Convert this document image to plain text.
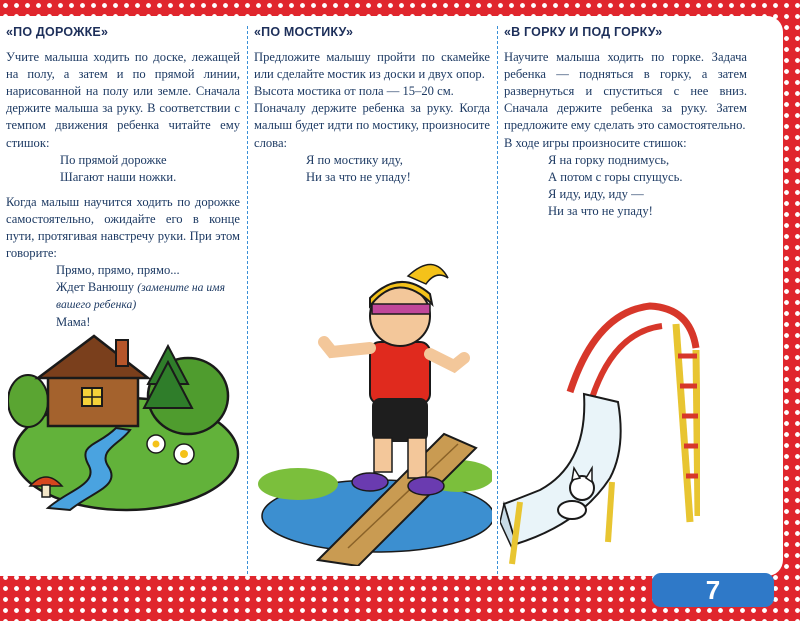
«ПО ДОРОЖКЕ»

Учите малыша ходить по доске, лежащей на полу, а затем и по прямой линии, нарисованной на полу или земле. Сначала держите малыша за руку. В соответствии с темпом движения ребенка читайте ему стишок:

По прямой дорожке
Шагают наши ножки.

Когда малыш научится ходить по дорожке самостоятельно, ожидайте его в конце пути, протягивая навстречу руки. При этом говорите:

Прямо, прямо, прямо...
Ждет Ванюшу (замените на имя вашего ребенка)
Мама!
«ПО МОСТИКУ»

Предложите малышу пройти по скамейке или сделайте мостик из доски и двух опор.

Высота мостика от пола — 15–20 см.

Поначалу держите ребенка за руку. Когда малыш будет идти по мостику, произносите слова:

Я по мостику иду,
Ни за что не упаду!
«В ГОРКУ И ПОД ГОРКУ»

Научите малыша ходить по горке. Задача ребенка — подняться в горку, а затем развернуться и спуститься с нее вниз. Сначала держите ребенка за руку. Затем предложите ему сделать это самостоятельно.

В ходе игры произносите стишок:

Я на горку поднимусь,
А потом с горы спущусь.
Я иду, иду, иду —
Ни за что не упаду!
7
